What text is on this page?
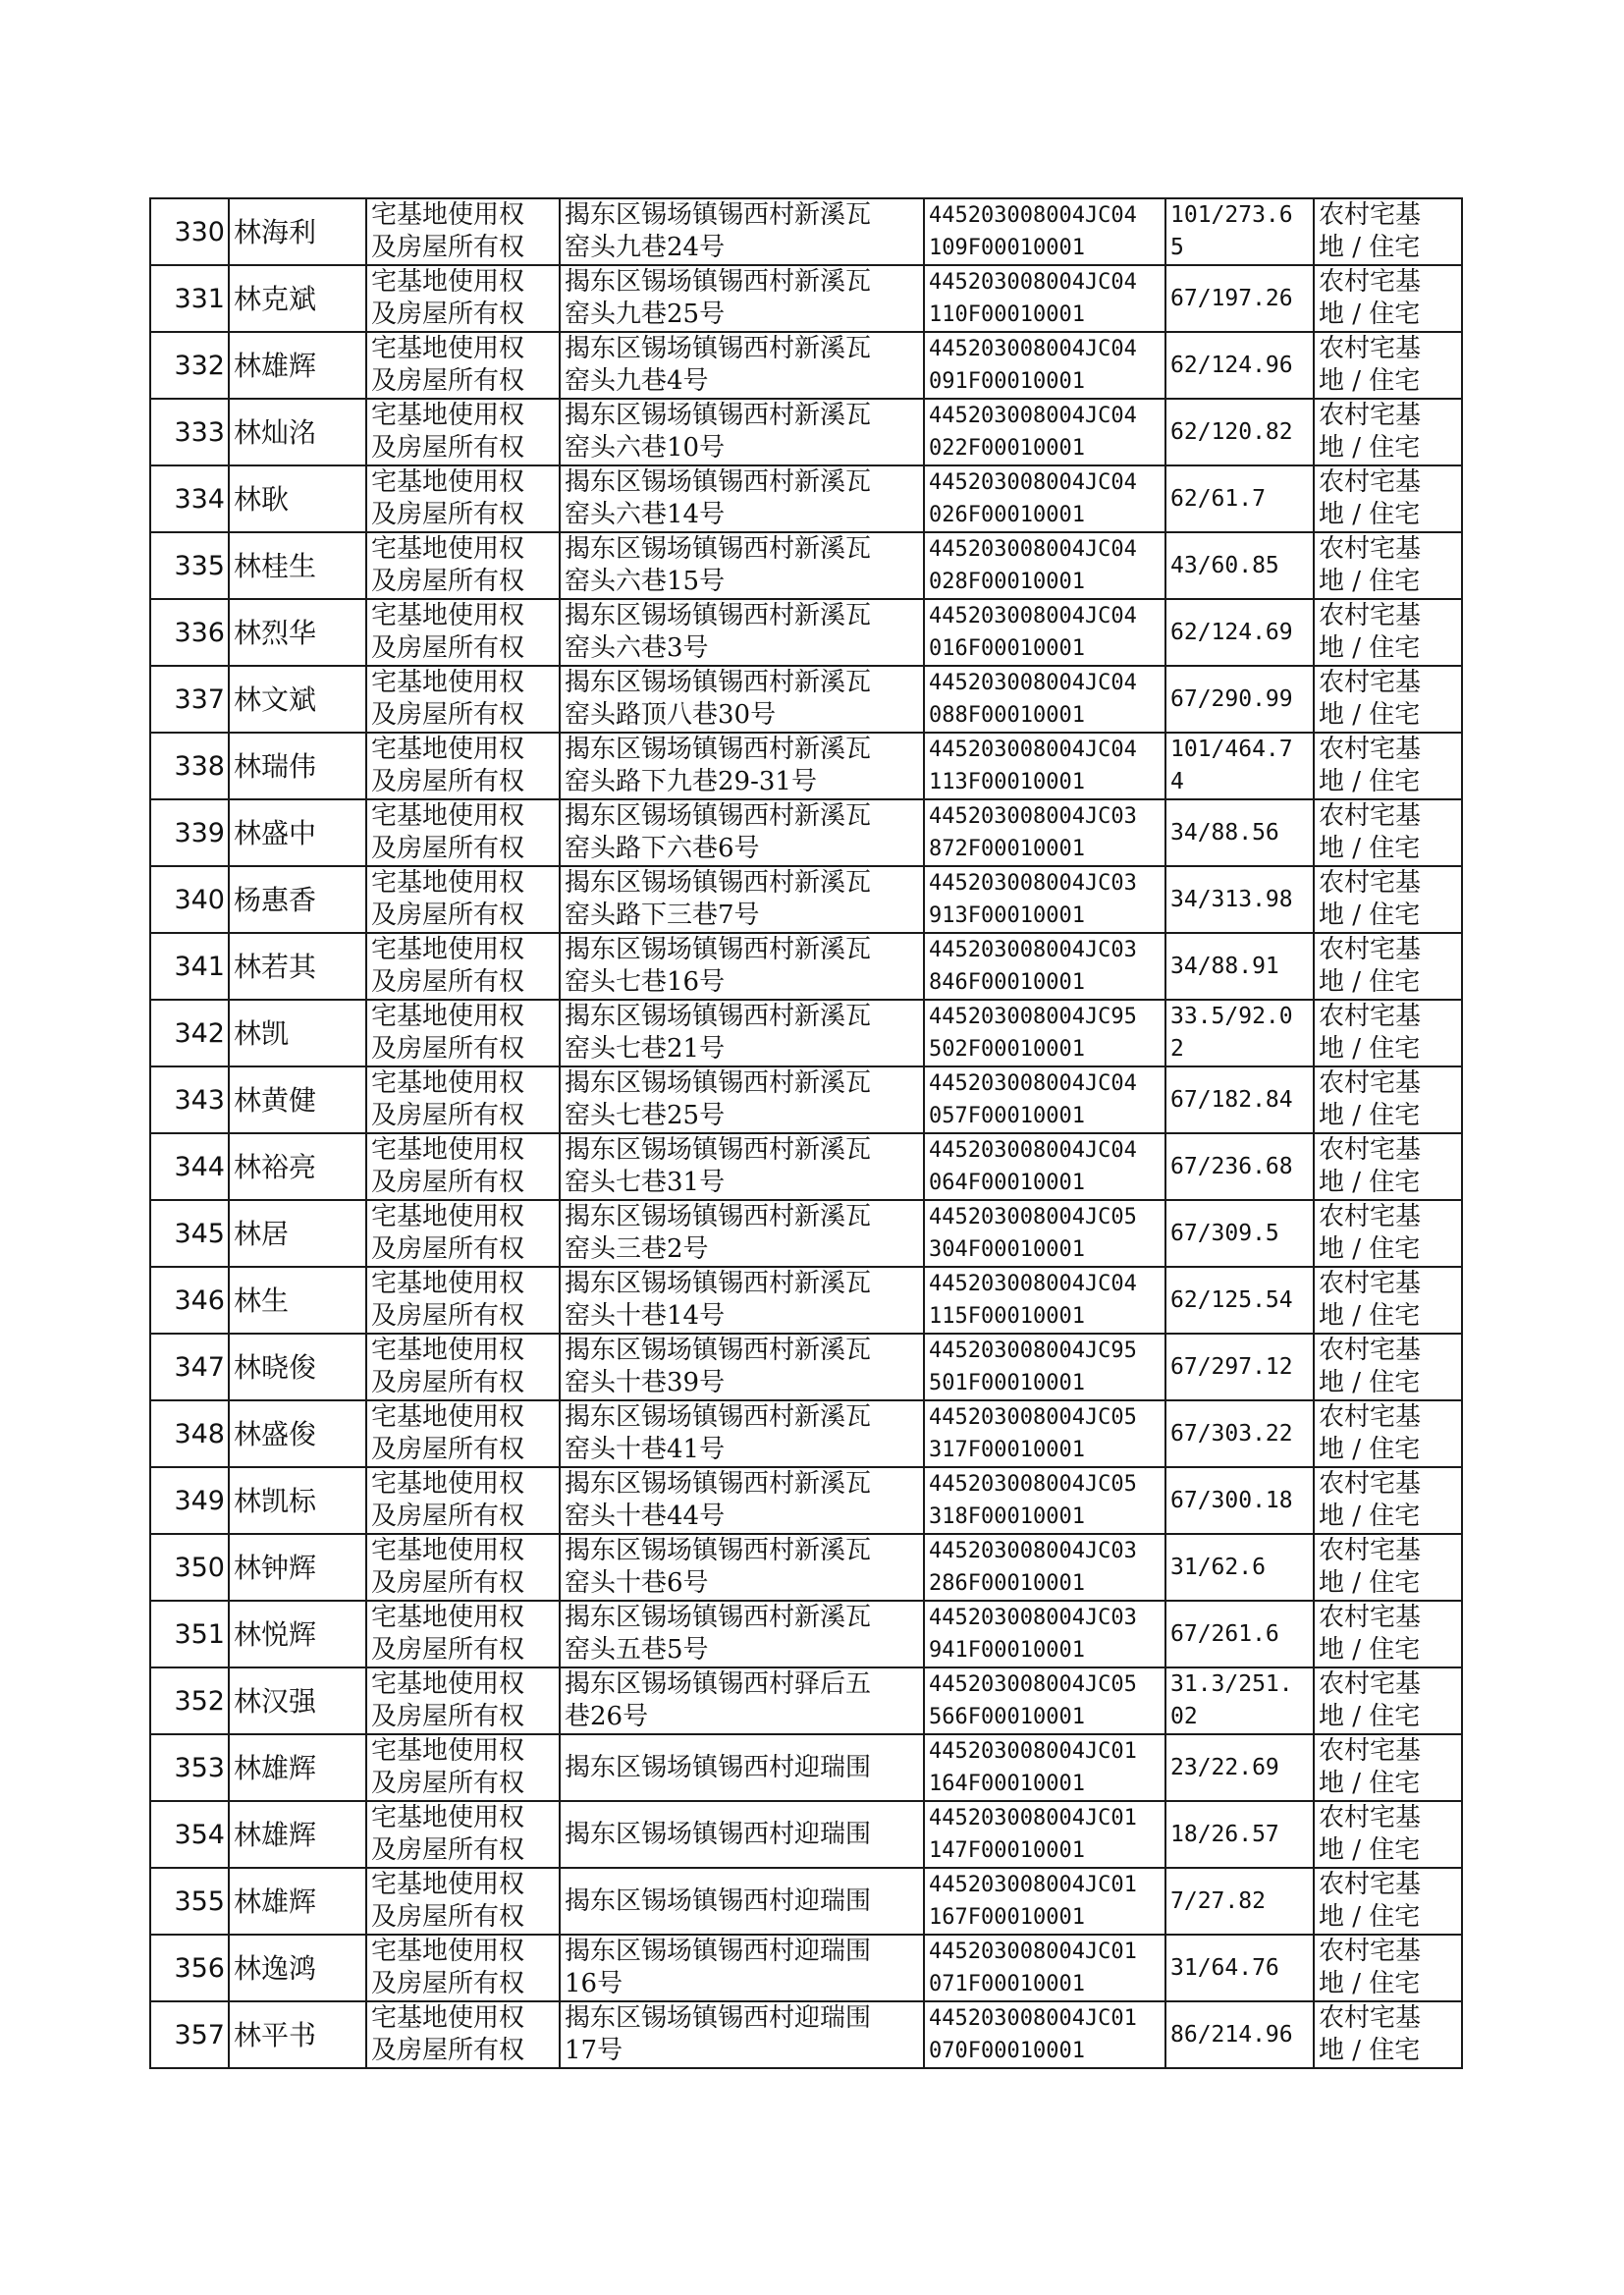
330	林海利	宅基地使用权
及房屋所有权	揭东区锡场镇锡西村新溪瓦
窑头九巷24号	445203008004JC04
109F00010001	101/273.6
5	农村宅基
地 / 住宅

331	林克斌	宅基地使用权
及房屋所有权	揭东区锡场镇锡西村新溪瓦
窑头九巷25号	445203008004JC04
110F00010001	67/197.26	农村宅基
地 / 住宅

332	林雄辉	宅基地使用权
及房屋所有权	揭东区锡场镇锡西村新溪瓦
窑头九巷4号	445203008004JC04
091F00010001	62/124.96	农村宅基
地 / 住宅

333	林灿洺	宅基地使用权
及房屋所有权	揭东区锡场镇锡西村新溪瓦
窑头六巷10号	445203008004JC04
022F00010001	62/120.82	农村宅基
地 / 住宅

334	林耿	宅基地使用权
及房屋所有权	揭东区锡场镇锡西村新溪瓦
窑头六巷14号	445203008004JC04
026F00010001	62/61.7	农村宅基
地 / 住宅

335	林桂生	宅基地使用权
及房屋所有权	揭东区锡场镇锡西村新溪瓦
窑头六巷15号	445203008004JC04
028F00010001	43/60.85	农村宅基
地 / 住宅

336	林烈华	宅基地使用权
及房屋所有权	揭东区锡场镇锡西村新溪瓦
窑头六巷3号	445203008004JC04
016F00010001	62/124.69	农村宅基
地 / 住宅

337	林文斌	宅基地使用权
及房屋所有权	揭东区锡场镇锡西村新溪瓦
窑头路顶八巷30号	445203008004JC04
088F00010001	67/290.99	农村宅基
地 / 住宅

338	林瑞伟	宅基地使用权
及房屋所有权	揭东区锡场镇锡西村新溪瓦
窑头路下九巷29-31号	445203008004JC04
113F00010001	101/464.7
4	农村宅基
地 / 住宅

339	林盛中	宅基地使用权
及房屋所有权	揭东区锡场镇锡西村新溪瓦
窑头路下六巷6号	445203008004JC03
872F00010001	34/88.56	农村宅基
地 / 住宅

340	杨惠香	宅基地使用权
及房屋所有权	揭东区锡场镇锡西村新溪瓦
窑头路下三巷7号	445203008004JC03
913F00010001	34/313.98	农村宅基
地 / 住宅

341	林若其	宅基地使用权
及房屋所有权	揭东区锡场镇锡西村新溪瓦
窑头七巷16号	445203008004JC03
846F00010001	34/88.91	农村宅基
地 / 住宅

342	林凯	宅基地使用权
及房屋所有权	揭东区锡场镇锡西村新溪瓦
窑头七巷21号	445203008004JC95
502F00010001	33.5/92.0
2	农村宅基
地 / 住宅

343	林黄健	宅基地使用权
及房屋所有权	揭东区锡场镇锡西村新溪瓦
窑头七巷25号	445203008004JC04
057F00010001	67/182.84	农村宅基
地 / 住宅

344	林裕亮	宅基地使用权
及房屋所有权	揭东区锡场镇锡西村新溪瓦
窑头七巷31号	445203008004JC04
064F00010001	67/236.68	农村宅基
地 / 住宅

345	林居	宅基地使用权
及房屋所有权	揭东区锡场镇锡西村新溪瓦
窑头三巷2号	445203008004JC05
304F00010001	67/309.5	农村宅基
地 / 住宅

346	林生	宅基地使用权
及房屋所有权	揭东区锡场镇锡西村新溪瓦
窑头十巷14号	445203008004JC04
115F00010001	62/125.54	农村宅基
地 / 住宅

347	林晓俊	宅基地使用权
及房屋所有权	揭东区锡场镇锡西村新溪瓦
窑头十巷39号	445203008004JC95
501F00010001	67/297.12	农村宅基
地 / 住宅

348	林盛俊	宅基地使用权
及房屋所有权	揭东区锡场镇锡西村新溪瓦
窑头十巷41号	445203008004JC05
317F00010001	67/303.22	农村宅基
地 / 住宅

349	林凯标	宅基地使用权
及房屋所有权	揭东区锡场镇锡西村新溪瓦
窑头十巷44号	445203008004JC05
318F00010001	67/300.18	农村宅基
地 / 住宅

350	林钟辉	宅基地使用权
及房屋所有权	揭东区锡场镇锡西村新溪瓦
窑头十巷6号	445203008004JC03
286F00010001	31/62.6	农村宅基
地 / 住宅

351	林悦辉	宅基地使用权
及房屋所有权	揭东区锡场镇锡西村新溪瓦
窑头五巷5号	445203008004JC03
941F00010001	67/261.6	农村宅基
地 / 住宅

352	林汉强	宅基地使用权
及房屋所有权	揭东区锡场镇锡西村驿后五
巷26号	445203008004JC05
566F00010001	31.3/251.
02	农村宅基
地 / 住宅

353	林雄辉	宅基地使用权
及房屋所有权	揭东区锡场镇锡西村迎瑞围	445203008004JC01
164F00010001	23/22.69	农村宅基
地 / 住宅

354	林雄辉	宅基地使用权
及房屋所有权	揭东区锡场镇锡西村迎瑞围	445203008004JC01
147F00010001	18/26.57	农村宅基
地 / 住宅

355	林雄辉	宅基地使用权
及房屋所有权	揭东区锡场镇锡西村迎瑞围	445203008004JC01
167F00010001	7/27.82	农村宅基
地 / 住宅

356	林逸鸿	宅基地使用权
及房屋所有权	揭东区锡场镇锡西村迎瑞围
16号	445203008004JC01
071F00010001	31/64.76	农村宅基
地 / 住宅

357	林平书	宅基地使用权
及房屋所有权	揭东区锡场镇锡西村迎瑞围
17号	445203008004JC01
070F00010001	86/214.96	农村宅基
地 / 住宅
